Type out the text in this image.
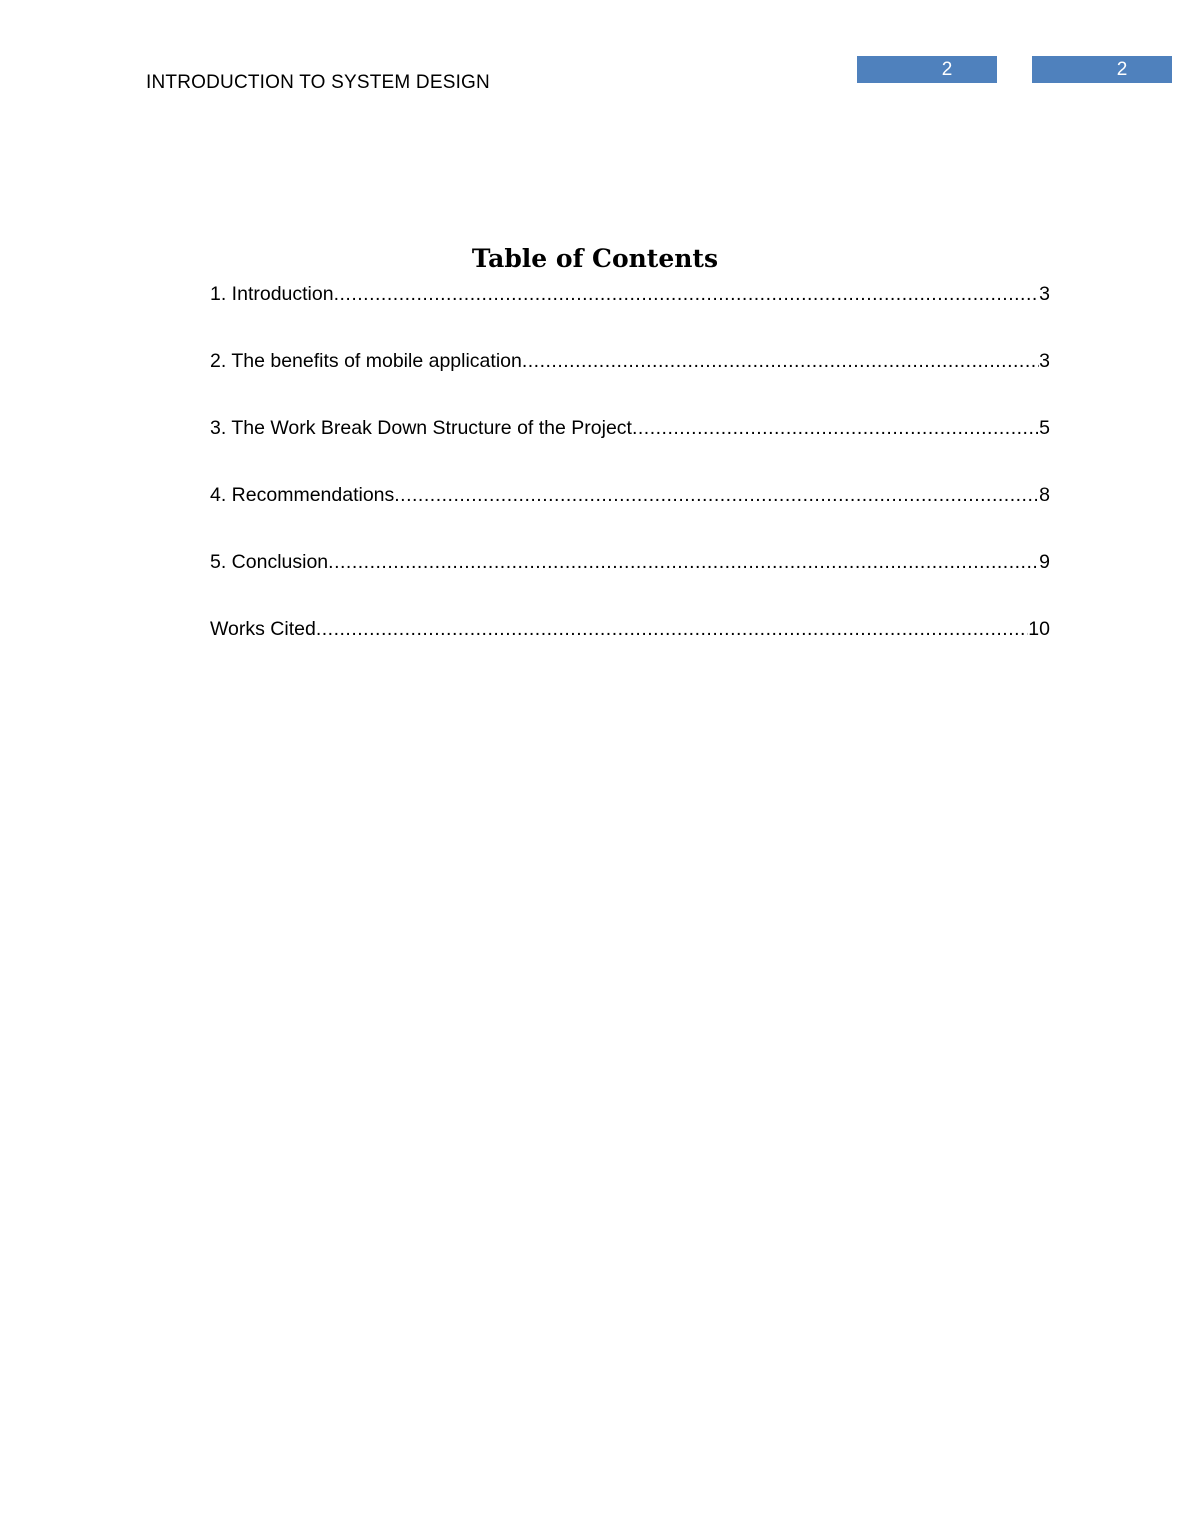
INTRODUCTION TO SYSTEM DESIGN
2	2
Table of Contents
1. Introduction .....	3
2. The benefits of mobile application .....	3
3. The Work Break Down Structure of the Project .....	5
4. Recommendations .....	8
5. Conclusion .....	9
Works Cited .....	10
